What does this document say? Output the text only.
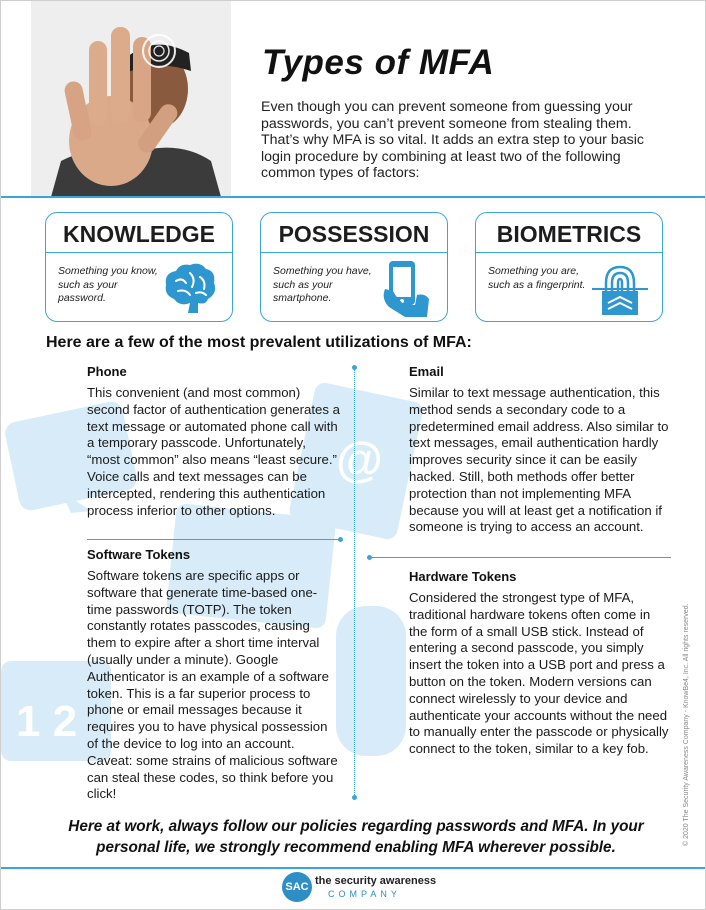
Types of MFA

Even though you can prevent someone from guessing your passwords, you can’t prevent someone from stealing them. That’s why MFA is so vital. It adds an extra step to your basic login procedure by combining at least two of the following common types of factors:

KNOWLEDGE
Something you know, such as your password.
POSSESSION
Something you have, such as your smartphone.
BIOMETRICS
Something you are, such as a fingerprint.
Here are a few of the most prevalent utilizations of MFA:
@
1 2
Phone

This convenient (and most common) second factor of authentication generates a text message or automated phone call with a temporary passcode. Unfortunately, “most common” also means “least secure.” Voice calls and text messages can be intercepted, rendering this authentication process inferior to other options.

Email

Similar to text message authentication, this method sends a secondary code to a predetermined email address. Also similar to text messages, email authentication hardly improves security since it can be easily hacked. Still, both methods offer better protection than not implementing MFA because you will at least get a notification if someone is trying to access an account.

Software Tokens

Software tokens are specific apps or software that generate time-based one-time passwords (TOTP). The token constantly rotates passcodes, causing them to expire after a short time interval (usually under a minute). Google Authenticator is an example of a software token. This is a far superior process to phone or email messages because it requires you to have physical possession of the device to log into an account. Caveat: some strains of malicious software can steal these codes, so think before you click!

Hardware Tokens

Considered the strongest type of MFA, traditional hardware tokens often come in the form of a small USB stick. Instead of entering a second passcode, you simply insert the token into a USB port and press a button on the token. Modern versions can connect wirelessly to your device and authenticate your accounts without the need to manually enter the passcode or physically connect to the token, similar to a key fob.

Here at work, always follow our policies regarding passwords and MFA. In your personal life, we strongly recommend enabling MFA wherever possible.

SAC the security awareness
COMPANY
© 2020 The Security Awareness Company - KnowBe4, Inc. All rights reserved.
